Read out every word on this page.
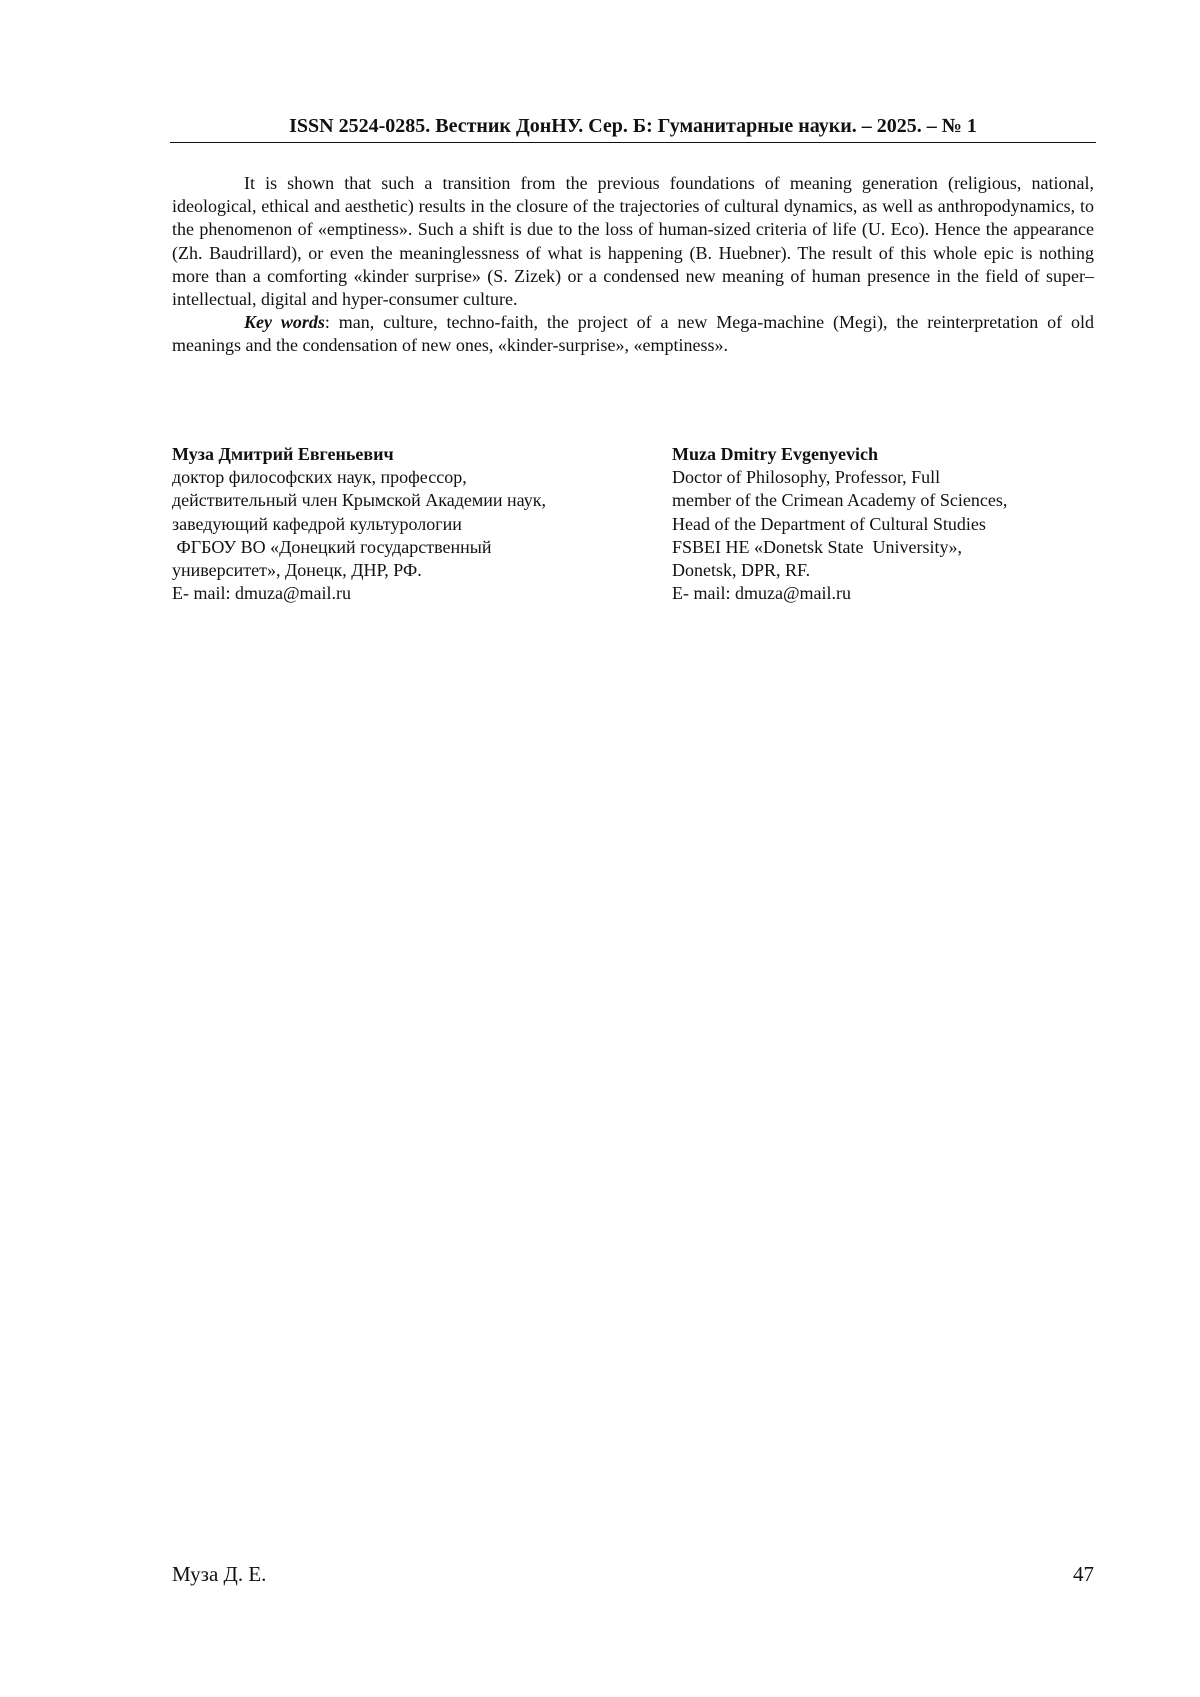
ISSN 2524-0285. Вестник ДонНУ. Сер. Б: Гуманитарные науки. – 2025. – № 1

It is shown that such a transition from the previous foundations of meaning generation (religious, national, ideological, ethical and aesthetic) results in the closure of the trajectories of cultural dynamics, as well as anthropodynamics, to the phenomenon of «emptiness». Such a shift is due to the loss of human-sized criteria of life (U. Eco). Hence the appearance (Zh. Baudrillard), or even the meaninglessness of what is happening (B. Huebner). The result of this whole epic is nothing more than a comforting «kinder surprise» (S. Zizek) or a condensed new meaning of human presence in the field of super–intellectual, digital and hyper-consumer culture.

Key words: man, culture, techno-faith, the project of a new Mega-machine (Megi), the reinterpretation of old meanings and the condensation of new ones, «kinder-surprise», «emptiness».

Муза Дмитрий Евгеньевич
доктор философских наук, профессор,
действительный член Крымской Академии наук,
заведующий кафедрой культурологии
ФГБОУ ВО «Донецкий государственный
университет», Донецк, ДНР, РФ.
E- mail: dmuza@mail.ru
Muza Dmitry Evgenyevich
Doctor of Philosophy, Professor, Full
member of the Crimean Academy of Sciences,
Head of the Department of Cultural Studies
FSBEI HE «Donetsk State  University»,
Donetsk, DPR, RF.
E- mail: dmuza@mail.ru
Муза Д. Е.	47
